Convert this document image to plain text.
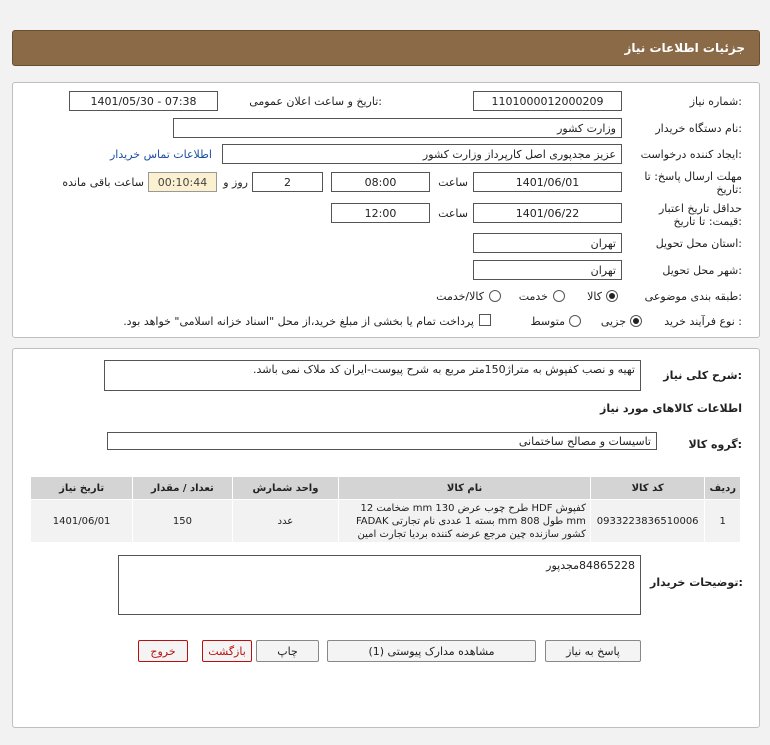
جزئیات اطلاعات نیاز
شماره نیاز:
1101000012000209
تاریخ و ساعت اعلان عمومی:
1401/05/30 - 07:38
نام دستگاه خریدار:
وزارت کشور
ایجاد کننده درخواست:
عزیز مجدپوری اصل کارپرداز وزارت کشور
اطلاعات تماس خریدار
مهلت ارسال پاسخ: تا
تاریخ:
1401/06/01
ساعت
08:00
2
روز و
00:10:44
ساعت باقی مانده
حداقل تاریخ اعتبار
قیمت: تا تاریخ:
1401/06/22
ساعت
12:00
استان محل تحویل:
تهران
شهر محل تحویل:
تهران
طبقه بندی موضوعی:
کالا
خدمت
کالا/خدمت
نوع فرآیند خرید :
جزیی
متوسط
پرداخت تمام یا بخشی از مبلغ خرید،از محل "اسناد خزانه اسلامی" خواهد بود.
شرح کلی نیاز:
تهیه و نصب کفپوش به متراژ150متر مربع به شرح پیوست-ایران کد ملاک نمی باشد.
اطلاعات کالاهای مورد نیاز
گروه کالا:
تاسیسات و مصالح ساختمانی
ردیف	کد کالا	نام کالا	واحد شمارش	تعداد / مقدار	تاریخ نیاز
1	0933223836510006	کفپوش HDF طرح چوب عرض 130 mm ضخامت 12 mm طول 808 mm بسته 1 عددی نام تجارتی FADAK کشور سازنده چین مرجع عرضه کننده بردیا تجارت امین	عدد	150	1401/06/01
توضیحات خریدار:
84865228مجدپور
پاسخ به نیاز
مشاهده مدارک پیوستی (1)
چاپ
بازگشت
خروج
